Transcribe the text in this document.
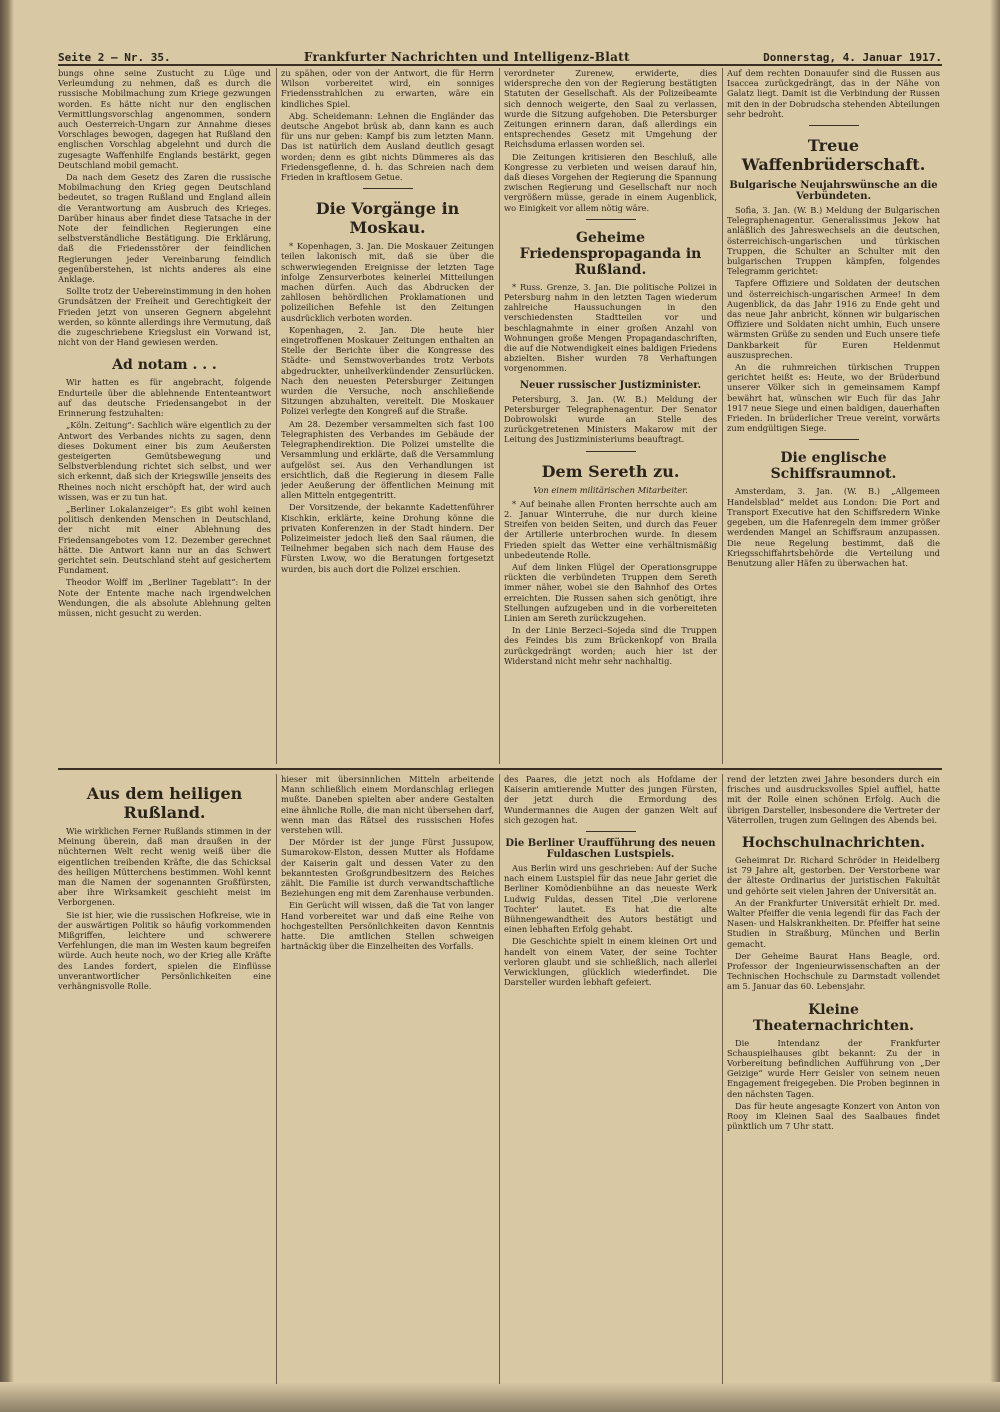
Seite 2 — Nr. 35.	Frankfurter Nachrichten und Intelligenz-Blatt	Donnerstag, 4. Januar 1917.

bungs ohne seine Zustucht zu Lüge und Verleumdung zu nehmen, daß es durch die russische Mobilmachung zum Kriege gezwungen worden. Es hätte nicht nur den englischen Vermittlungsvorschlag angenommen, sondern auch Oesterreich-Ungarn zur Annahme dieses Vorschlages bewogen, dagegen hat Rußland den englischen Vorschlag abgelehnt und durch die zugesagte Waffenhilfe Englands bestärkt, gegen Deutschland mobil gemacht.

Da nach dem Gesetz des Zaren die russische Mobilmachung den Krieg gegen Deutschland bedeutet, so tragen Rußland und England allein die Verantwortung am Ausbruch des Krieges. Darüber hinaus aber findet diese Tatsache in der Note der feindlichen Regierungen eine selbstverständliche Bestätigung. Die Erklärung, daß die Friedensstörer der feindlichen Regierungen jeder Vereinbarung feindlich gegenüberstehen, ist nichts anderes als eine Anklage.

Sollte trotz der Uebereinstimmung in den hohen Grundsätzen der Freiheit und Gerechtigkeit der Frieden jetzt von unseren Gegnern abgelehnt werden, so könnte allerdings ihre Vermutung, daß die zugeschriebene Kriegslust ein Vorwand ist, nicht von der Hand gewiesen werden.

Ad notam . . .

Wir hatten es für angebracht, folgende Endurteile über die ablehnende Ententeantwort auf das deutsche Friedensangebot in der Erinnerung festzuhalten:

„Köln. Zeitung“: Sachlich wäre eigentlich zu der Antwort des Verbandes nichts zu sagen, denn dieses Dokument einer bis zum Aeußersten gesteigerten Gemütsbewegung und Selbstverblendung richtet sich selbst, und wer sich erkennt, daß sich der Kriegswille jenseits des Rheines noch nicht erschöpft hat, der wird auch wissen, was er zu tun hat.

„Berliner Lokalanzeiger“: Es gibt wohl keinen politisch denkenden Menschen in Deutschland, der nicht mit einer Ablehnung des Friedensangebotes vom 12. Dezember gerechnet hätte. Die Antwort kann nur an das Schwert gerichtet sein. Deutschland steht auf gesichertem Fundament.

Theodor Wolff im „Berliner Tageblatt“: In der Note der Entente mache nach irgendwelchen Wendungen, die als absolute Ablehnung gelten müssen, nicht gesucht zu werden.

zu spähen, oder von der Antwort, die für Herrn Wilson vorbereitet wird, ein sonniges Friedensstrahlchen zu erwarten, wäre ein kindliches Spiel.

Abg. Scheidemann: Lehnen die Engländer das deutsche Angebot brüsk ab, dann kann es auch für uns nur geben: Kampf bis zum letzten Mann. Das ist natürlich dem Ausland deutlich gesagt worden; denn es gibt nichts Dümmeres als das Friedensgeflenne, d. h. das Schreien nach dem Frieden in kraftlosem Getue.

Die Vorgänge in Moskau.

* Kopenhagen, 3. Jan. Die Moskauer Zeitungen teilen lakonisch mit, daß sie über die schwerwiegenden Ereignisse der letzten Tage infolge Zensurverbotes keinerlei Mitteilungen machen dürfen. Auch das Abdrucken der zahllosen behördlichen Proklamationen und polizeilichen Befehle ist den Zeitungen ausdrücklich verboten worden.

Kopenhagen, 2. Jan. Die heute hier eingetroffenen Moskauer Zeitungen enthalten an Stelle der Berichte über die Kongresse des Städte- und Semstwoverbandes trotz Verbots abgedruckter, unheilverkündender Zensurlücken. Nach den neuesten Petersburger Zeitungen wurden die Versuche, noch anschließende Sitzungen abzuhalten, vereitelt. Die Moskauer Polizei verlegte den Kongreß auf die Straße.

Am 28. Dezember versammelten sich fast 100 Telegraphisten des Verbandes im Gebäude der Telegraphendirektion. Die Polizei umstellte die Versammlung und erklärte, daß die Versammlung aufgelöst sei. Aus den Verhandlungen ist ersichtlich, daß die Regierung in diesem Falle jeder Aeußerung der öffentlichen Meinung mit allen Mitteln entgegentritt.

Der Vorsitzende, der bekannte Kadettenführer Kischkin, erklärte, keine Drohung könne die privaten Konferenzen in der Stadt hindern. Der Polizeimeister jedoch ließ den Saal räumen, die Teilnehmer begaben sich nach dem Hause des Fürsten Lwow, wo die Beratungen fortgesetzt wurden, bis auch dort die Polizei erschien.

verordneter Zurenew, erwiderte, dies widerspreche den von der Regierung bestätigten Statuten der Gesellschaft. Als der Polizeibeamte sich dennoch weigerte, den Saal zu verlassen, wurde die Sitzung aufgehoben. Die Petersburger Zeitungen erinnern daran, daß allerdings ein entsprechendes Gesetz mit Umgehung der Reichsduma erlassen worden sei.

Die Zeitungen kritisieren den Beschluß, alle Kongresse zu verbieten und weisen darauf hin, daß dieses Vorgehen der Regierung die Spannung zwischen Regierung und Gesellschaft nur noch vergrößern müsse, gerade in einem Augenblick, wo Einigkeit vor allem nötig wäre.

Geheime Friedenspropaganda in Rußland.

* Russ. Grenze, 3. Jan. Die politische Polizei in Petersburg nahm in den letzten Tagen wiederum zahlreiche Haussuchungen in den verschiedensten Stadtteilen vor und beschlagnahmte in einer großen Anzahl von Wohnungen große Mengen Propagandaschriften, die auf die Notwendigkeit eines baldigen Friedens abzielten. Bisher wurden 78 Verhaftungen vorgenommen.

Neuer russischer Justizminister.

Petersburg, 3. Jan. (W. B.) Meldung der Petersburger Telegraphenagentur. Der Senator Dobrowolski wurde an Stelle des zurückgetretenen Ministers Makarow mit der Leitung des Justizministeriums beauftragt.

Dem Sereth zu.
Von einem militärischen Mitarbeiter.

* Auf beinahe allen Fronten herrschte auch am 2. Januar Winterruhe, die nur durch kleine Streifen von beiden Seiten, und durch das Feuer der Artillerie unterbrochen wurde. In diesem Frieden spielt das Wetter eine verhältnismäßig unbedeutende Rolle.

Auf dem linken Flügel der Operationsgruppe rückten die verbündeten Truppen dem Sereth immer näher, wobei sie den Bahnhof des Ortes erreichten. Die Russen sahen sich genötigt, ihre Stellungen aufzugeben und in die vorbereiteten Linien am Sereth zurückzugehen.

In der Linie Berzeci–Sojeda sind die Truppen des Feindes bis zum Brückenkopf von Braila zurückgedrängt worden; auch hier ist der Widerstand nicht mehr sehr nachhaltig.

Auf dem rechten Donauufer sind die Russen aus Isaccea zurückgedrängt, das in der Nähe von Galatz liegt. Damit ist die Verbindung der Russen mit den in der Dobrudscha stehenden Abteilungen sehr bedroht.

Treue Waffenbrüderschaft.
Bulgarische Neujahrswünsche an die Verbündeten.

Sofia, 3. Jan. (W. B.) Meldung der Bulgarischen Telegraphenagentur. Generalissimus Jekow hat anläßlich des Jahreswechsels an die deutschen, österreichisch-ungarischen und türkischen Truppen, die Schulter an Schulter mit den bulgarischen Truppen kämpfen, folgendes Telegramm gerichtet:

Tapfere Offiziere und Soldaten der deutschen und österreichisch-ungarischen Armee! In dem Augenblick, da das Jahr 1916 zu Ende geht und das neue Jahr anbricht, können wir bulgarischen Offiziere und Soldaten nicht umhin, Euch unsere wärmsten Grüße zu senden und Euch unsere tiefe Dankbarkeit für Euren Heldenmut auszusprechen.

An die ruhmreichen türkischen Truppen gerichtet heißt es: Heute, wo der Brüderbund unserer Völker sich in gemeinsamem Kampf bewährt hat, wünschen wir Euch für das Jahr 1917 neue Siege und einen baldigen, dauerhaften Frieden. In brüderlicher Treue vereint, vorwärts zum endgültigen Siege.

Die englische Schiffsraumnot.

Amsterdam, 3. Jan. (W. B.) „Allgemeen Handelsblad“ meldet aus London: Die Port and Transport Executive hat den Schiffsredern Winke gegeben, um die Hafenregeln dem immer größer werdenden Mangel an Schiffsraum anzupassen. Die neue Regelung bestimmt, daß die Kriegsschiffahrtsbehörde die Verteilung und Benutzung aller Häfen zu überwachen hat.

Aus dem heiligen Rußland.

Wie wirklichen Ferner Rußlands stimmen in der Meinung überein, daß man draußen in der nüchternen Welt recht wenig weiß über die eigentlichen treibenden Kräfte, die das Schicksal des heiligen Mütterchens bestimmen. Wohl kennt man die Namen der sogenannten Großfürsten, aber ihre Wirksamkeit geschieht meist im Verborgenen.

Sie ist hier, wie die russischen Hofkreise, wie in der auswärtigen Politik so häufig vorkommenden Mißgriffen, leichtere und schwerere Verfehlungen, die man im Westen kaum begreifen würde. Auch heute noch, wo der Krieg alle Kräfte des Landes fordert, spielen die Einflüsse unverantwortlicher Persönlichkeiten eine verhängnisvolle Rolle.

hieser mit übersinnlichen Mitteln arbeitende Mann schließlich einem Mordanschlag erliegen mußte. Daneben spielten aber andere Gestalten eine ähnliche Rolle, die man nicht übersehen darf, wenn man das Rätsel des russischen Hofes verstehen will.

Der Mörder ist der junge Fürst Jussupow, Sumarokow-Elston, dessen Mutter als Hofdame der Kaiserin galt und dessen Vater zu den bekanntesten Großgrundbesitzern des Reiches zählt. Die Familie ist durch verwandtschaftliche Beziehungen eng mit dem Zarenhause verbunden.

Ein Gerücht will wissen, daß die Tat von langer Hand vorbereitet war und daß eine Reihe von hochgestellten Persönlichkeiten davon Kenntnis hatte. Die amtlichen Stellen schweigen hartnäckig über die Einzelheiten des Vorfalls.

des Paares, die jetzt noch als Hofdame der Kaiserin amtierende Mutter des jungen Fürsten, der jetzt durch die Ermordung des Wundermannes die Augen der ganzen Welt auf sich gezogen hat.

Die Berliner Uraufführung des neuen Fuldaschen Lustspiels.

Aus Berlin wird uns geschrieben: Auf der Suche nach einem Lustspiel für das neue Jahr geriet die Berliner Komödienbühne an das neueste Werk Ludwig Fuldas, dessen Titel ‚Die verlorene Tochter‘ lautet. Es hat die alte Bühnengewandtheit des Autors bestätigt und einen lebhaften Erfolg gehabt.

Die Geschichte spielt in einem kleinen Ort und handelt von einem Vater, der seine Tochter verloren glaubt und sie schließlich, nach allerlei Verwicklungen, glücklich wiederfindet. Die Darsteller wurden lebhaft gefeiert.

rend der letzten zwei Jahre besonders durch ein frisches und ausdrucksvolles Spiel auffiel, hatte mit der Rolle einen schönen Erfolg. Auch die übrigen Darsteller, insbesondere die Vertreter der Väterrollen, trugen zum Gelingen des Abends bei.

Hochschulnachrichten.

Geheimrat Dr. Richard Schröder in Heidelberg ist 79 Jahre alt, gestorben. Der Verstorbene war der älteste Ordinarius der juristischen Fakultät und gehörte seit vielen Jahren der Universität an.

An der Frankfurter Universität erhielt Dr. med. Walter Pfeiffer die venia legendi für das Fach der Nasen- und Halskrankheiten. Dr. Pfeiffer hat seine Studien in Straßburg, München und Berlin gemacht.

Der Geheime Baurat Hans Beagle, ord. Professor der Ingenieurwissenschaften an der Technischen Hochschule zu Darmstadt vollendet am 5. Januar das 60. Lebensjahr.

Kleine Theaternachrichten.

Die Intendanz der Frankfurter Schauspielhauses gibt bekannt: Zu der in Vorbereitung befindlichen Aufführung von „Der Geizige“ wurde Herr Geisler von seinem neuen Engagement freigegeben. Die Proben beginnen in den nächsten Tagen.

Das für heute angesagte Konzert von Anton von Rooy im Kleinen Saal des Saalbaues findet pünktlich um 7 Uhr statt.
